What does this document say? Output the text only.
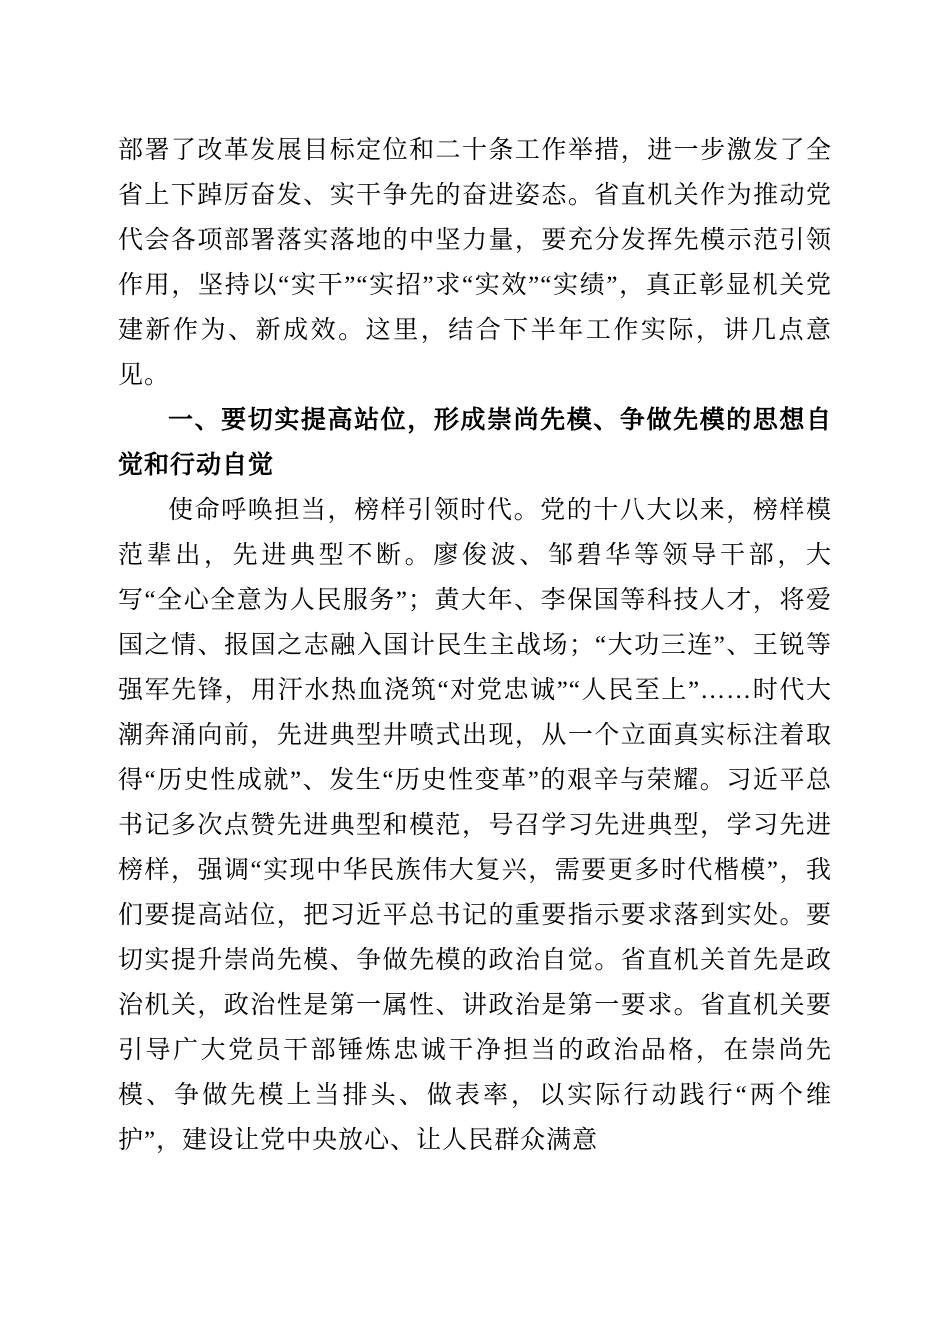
部署了改革发展目标定位和二十条工作举措，进一步激发了全省上下踔厉奋发、实干争先的奋进姿态。省直机关作为推动党代会各项部署落实落地的中坚力量，要充分发挥先模示范引领作用，坚持以“实干”“实招”求“实效”“实绩”，真正彰显机关党建新作为、新成效。这里，结合下半年工作实际，讲几点意见。

一、要切实提高站位，形成崇尚先模、争做先模的思想自觉和行动自觉

使命呼唤担当，榜样引领时代。党的十八大以来，榜样模范辈出，先进典型不断。廖俊波、邹碧华等领导干部，大写“全心全意为人民服务”；黄大年、李保国等科技人才，将爱国之情、报国之志融入国计民生主战场；“大功三连”、王锐等强军先锋，用汗水热血浇筑“对党忠诚”“人民至上”……时代大潮奔涌向前，先进典型井喷式出现，从一个立面真实标注着取得“历史性成就”、发生“历史性变革”的艰辛与荣耀。习近平总书记多次点赞先进典型和模范，号召学习先进典型，学习先进榜样，强调“实现中华民族伟大复兴，需要更多时代楷模”，我们要提高站位，把习近平总书记的重要指示要求落到实处。要切实提升崇尚先模、争做先模的政治自觉。省直机关首先是政治机关，政治性是第一属性、讲政治是第一要求。省直机关要引导广大党员干部锤炼忠诚干净担当的政治品格，在崇尚先模、争做先模上当排头、做表率，以实际行动践行“两个维护”，建设让党中央放心、让人民群众满意
